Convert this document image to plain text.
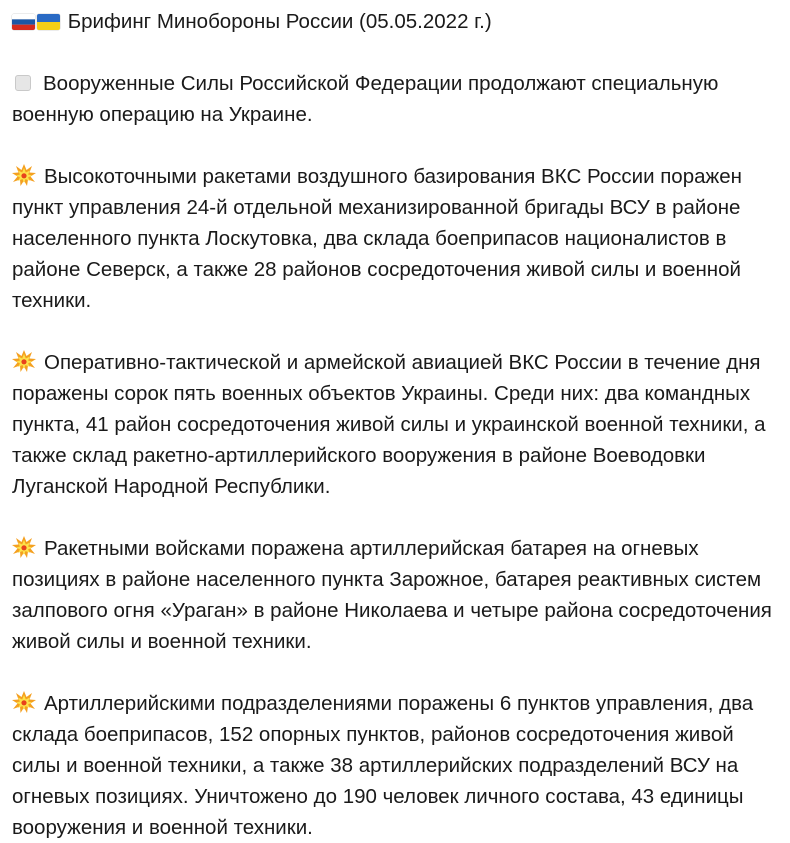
Брифинг Минобороны России (05.05.2022 г.)
Вооруженные Силы Российской Федерации продолжают специальную военную операцию на Украине.
Высокоточными ракетами воздушного базирования ВКС России поражен пункт управления 24-й отдельной механизированной бригады ВСУ в районе населенного пункта Лоскутовка, два склада боеприпасов националистов в районе Северск, а также 28 районов сосредоточения живой силы и военной техники.
Оперативно-тактической и армейской авиацией ВКС России в течение дня поражены сорок пять военных объектов Украины. Среди них: два командных пункта, 41 район сосредоточения живой силы и украинской военной техники, а также склад ракетно-артиллерийского вооружения в районе Воеводовки Луганской Народной Республики.
Ракетными войсками поражена артиллерийская батарея на огневых позициях в районе населенного пункта Зарожное, батарея реактивных систем залпового огня «Ураган» в районе Николаева и четыре района сосредоточения живой силы и военной техники.
Артиллерийскими подразделениями поражены 6 пунктов управления, два склада боеприпасов, 152 опорных пунктов, районов сосредоточения живой силы и военной техники, а также 38 артиллерийских подразделений ВСУ на огневых позициях. Уничтожено до 190 человек личного состава, 43 единицы вооружения и военной техники.
